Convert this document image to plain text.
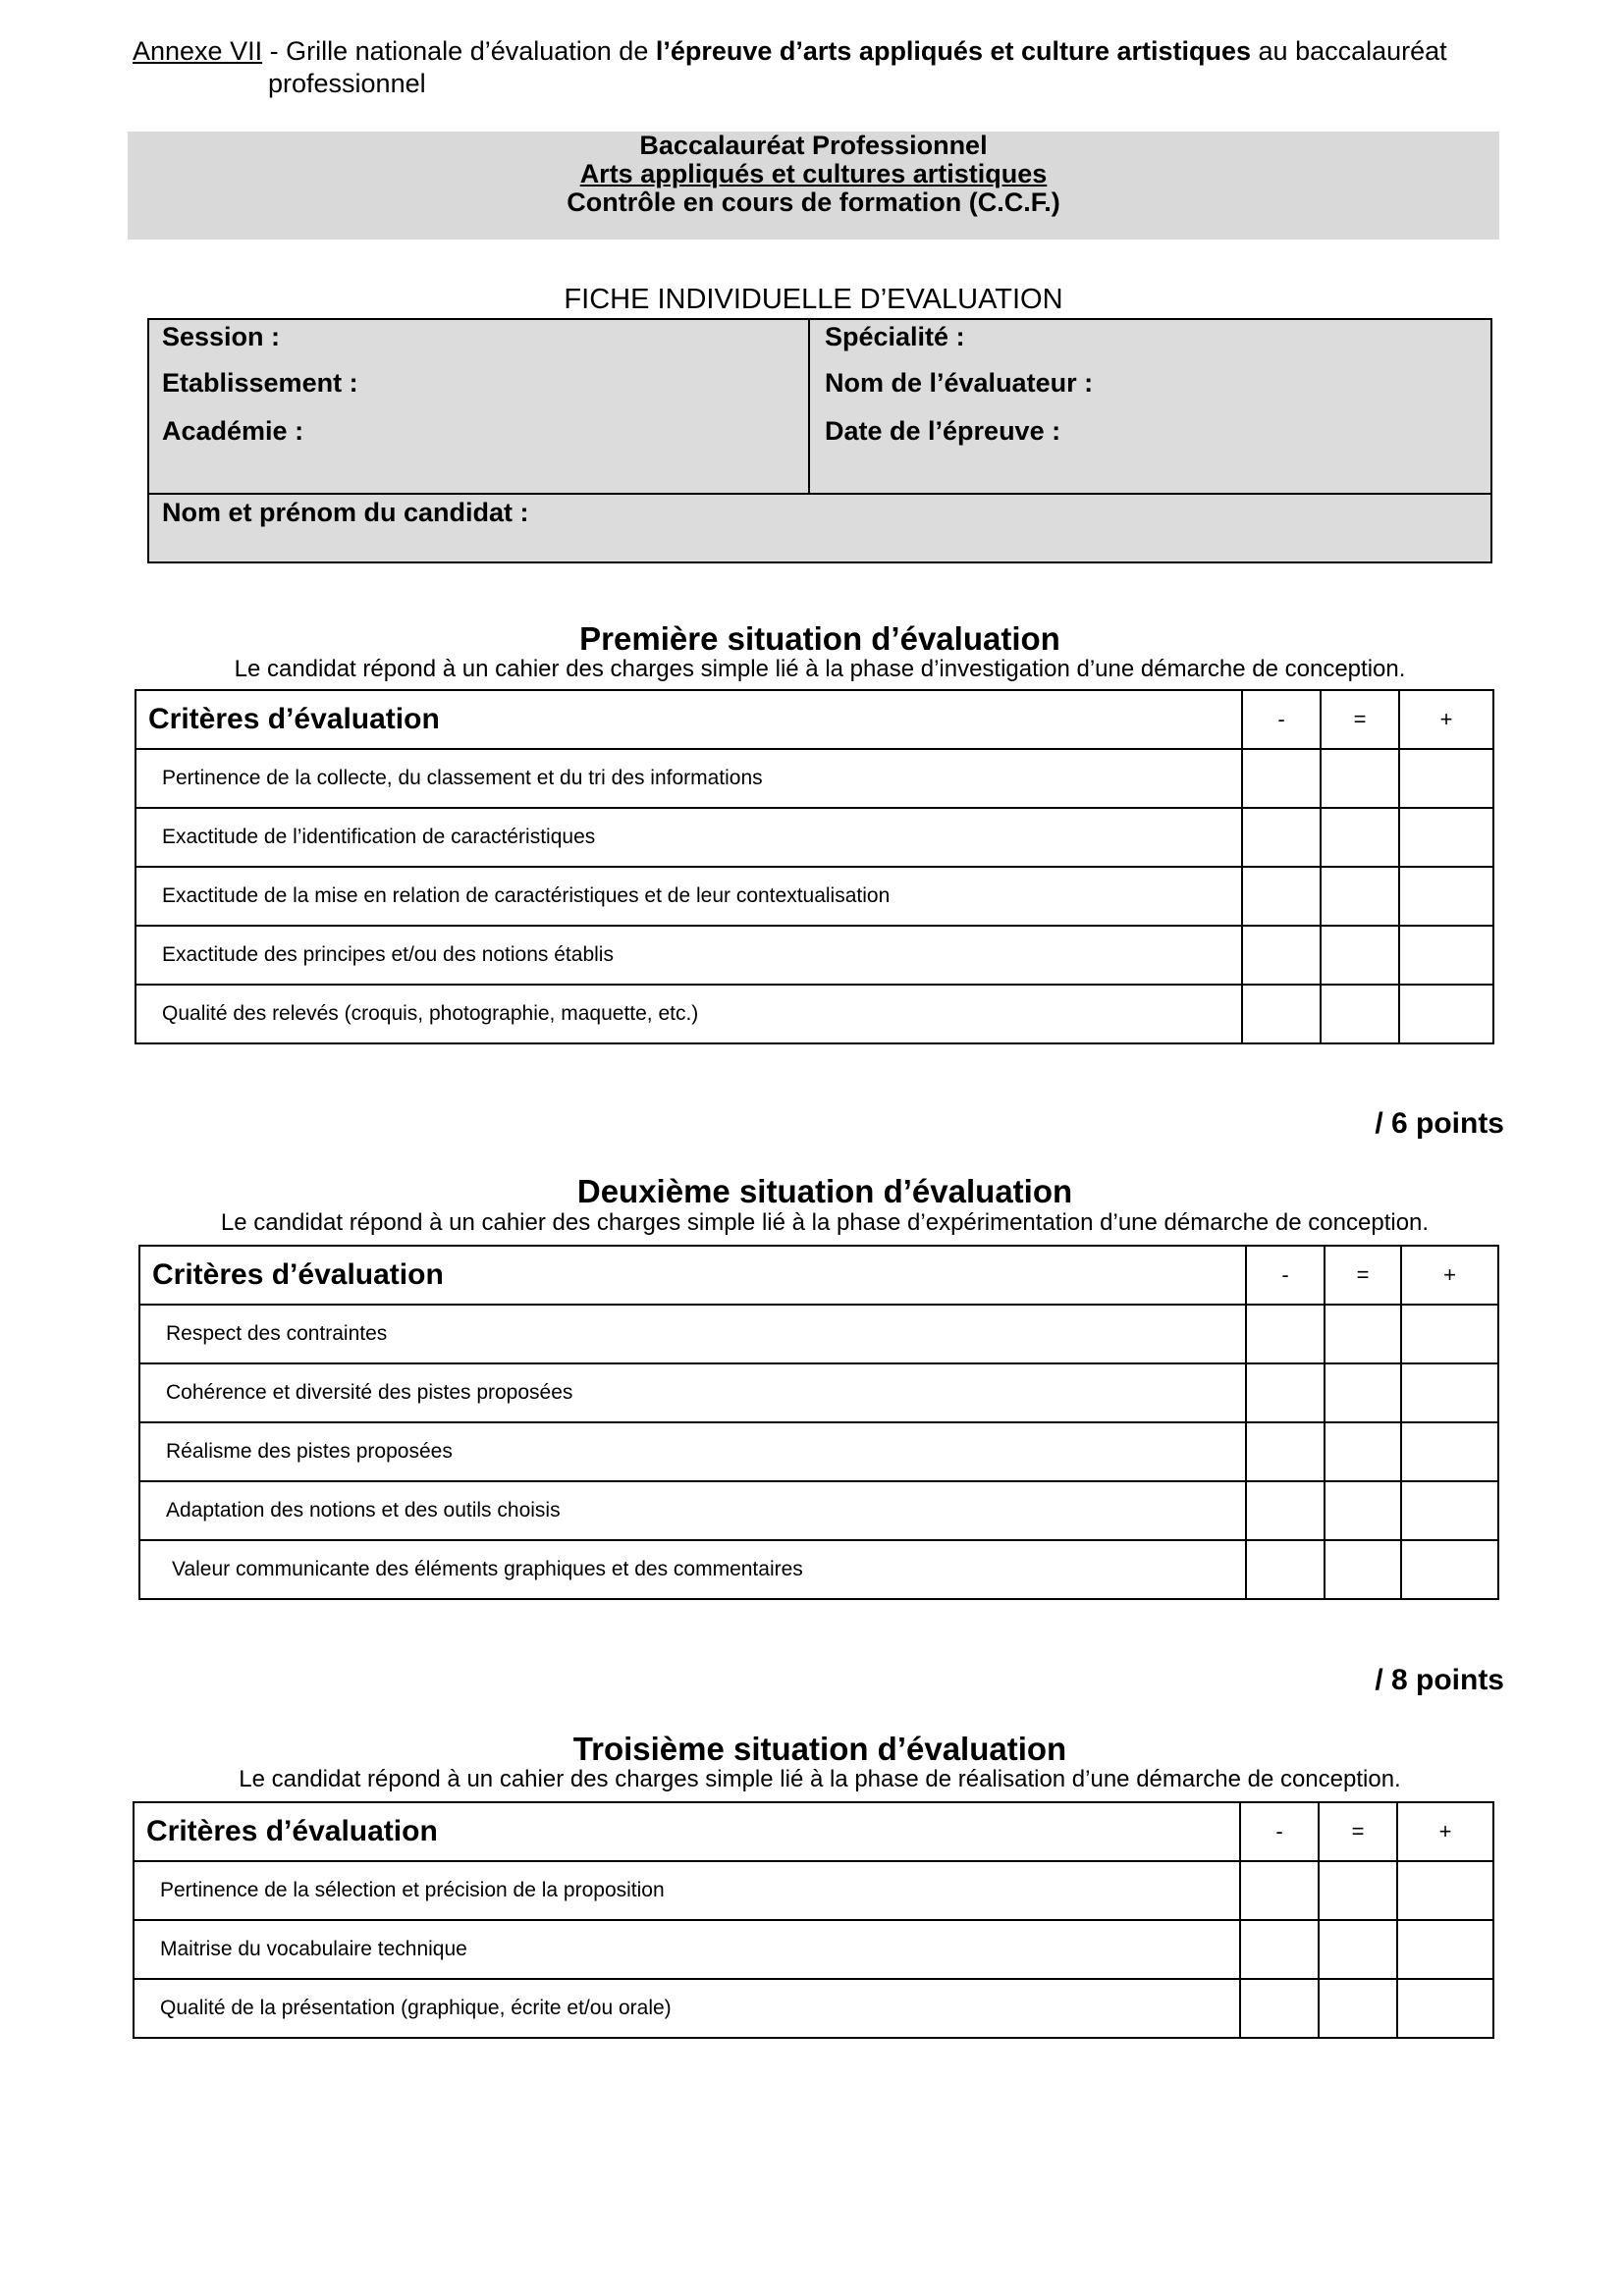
Annexe VII - Grille nationale d’évaluation de l’épreuve d’arts appliqués et culture artistiques au baccalauréat
professionnel
Baccalauréat Professionnel
Arts appliqués et cultures artistiques
Contrôle en cours de formation (C.C.F.)
FICHE INDIVIDUELLE D’EVALUATION
Session :
Etablissement :
Académie :
Spécialité :
Nom de l’évaluateur :
Date de l’épreuve :
Nom et prénom du candidat :
Première situation d’évaluation
Le candidat répond à un cahier des charges simple lié à la phase d’investigation d’une démarche de conception.
Critères d’évaluation	-	=	+
Pertinence de la collecte, du classement et du tri des informations			
Exactitude de l’identification de caractéristiques			
Exactitude de la mise en relation de caractéristiques et de leur contextualisation			
Exactitude des principes et/ou des notions établis			
Qualité des relevés (croquis, photographie, maquette, etc.)			
/ 6 points
Deuxième situation d’évaluation
Le candidat répond à un cahier des charges simple lié à la phase d’expérimentation d’une démarche de conception.
Critères d’évaluation	-	=	+
Respect des contraintes			
Cohérence et diversité des pistes proposées			
Réalisme des pistes proposées			
Adaptation des notions et des outils choisis			
Valeur communicante des éléments graphiques et des commentaires			
/ 8 points
Troisième situation d’évaluation
Le candidat répond à un cahier des charges simple lié à la phase de réalisation d’une démarche de conception.
Critères d’évaluation	-	=	+
Pertinence de la sélection et précision de la proposition			
Maitrise du vocabulaire technique			
Qualité de la présentation (graphique, écrite et/ou orale)			
